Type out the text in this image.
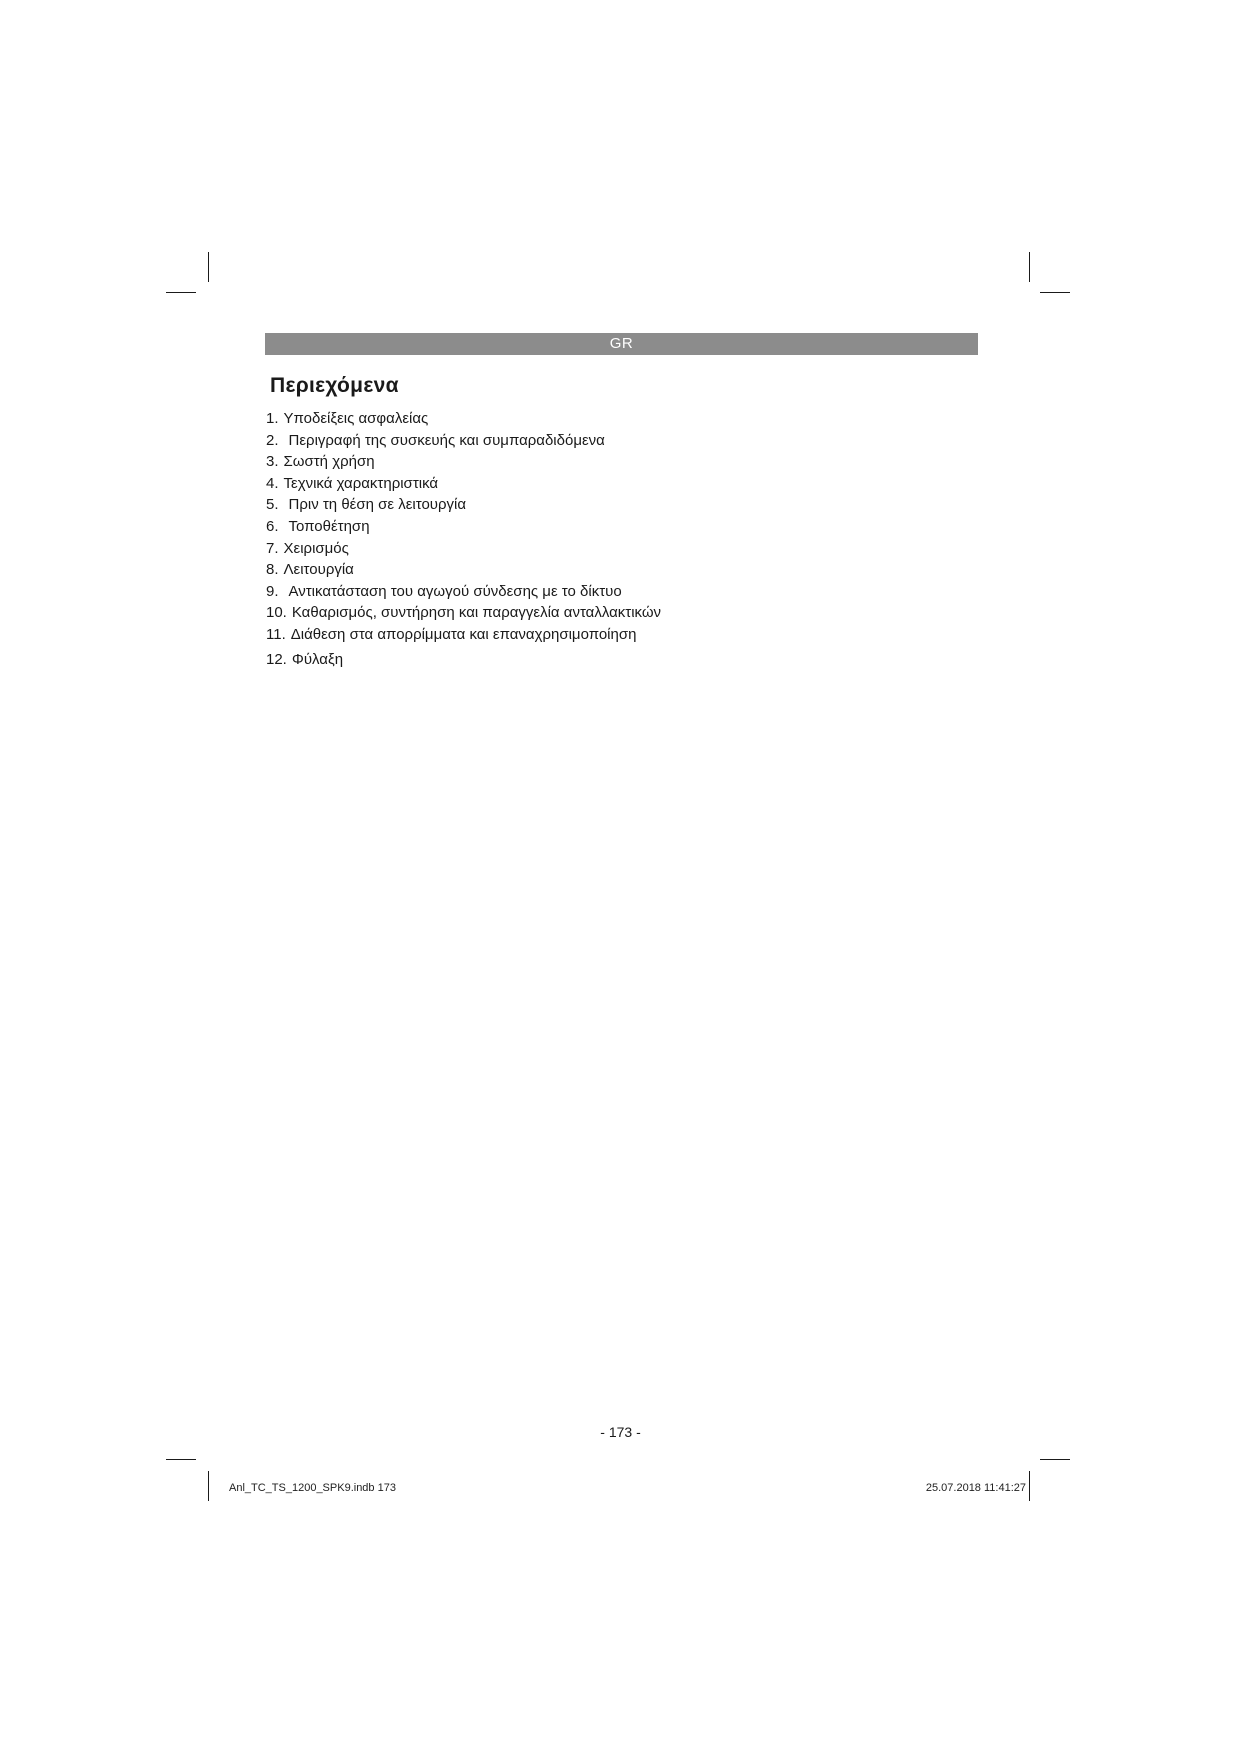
GR
Περιεχόμενα
1. Υποδείξεις ασφαλείας
2. Περιγραφή της συσκευής και συμπαραδιδόμενα
3. Σωστή χρήση
4. Τεχνικά χαρακτηριστικά
5. Πριν τη θέση σε λειτουργία
6. Τοποθέτηση
7. Χειρισμός
8. Λειτουργία
9. Αντικατάσταση του αγωγού σύνδεσης με το δίκτυο
10. Καθαρισμός, συντήρηση και παραγγελία ανταλλακτικών
11. Διάθεση στα απορρίμματα και επαναχρησιμοποίηση
12. Φύλαξη
- 173 -
Anl_TC_TS_1200_SPK9.indb 173	25.07.2018 11:41:27
